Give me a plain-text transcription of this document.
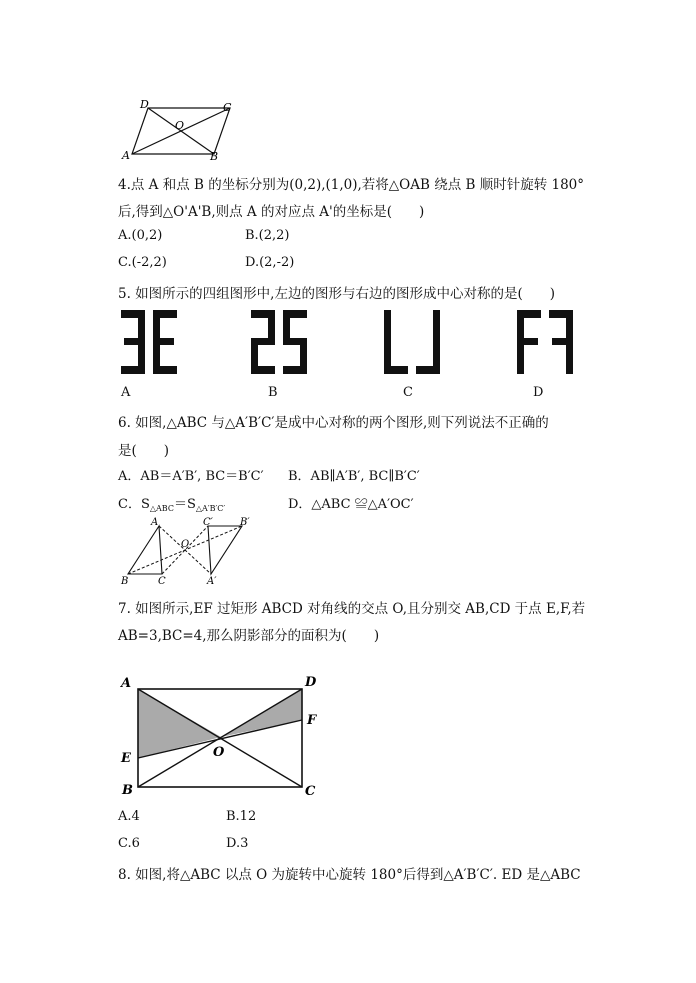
D	C
O
A	B
4.点 A 和点 B 的坐标分别为(0,2),(1,0),若将△OAB 绕点 B 顺时针旋转 180°
后,得到△O'A'B,则点 A 的对应点 A'的坐标是(　　)
A.(0,2)	B.(2,2)
C.(-2,2)	D.(2,-2)
5. 如图所示的四组图形中,左边的图形与右边的图形成中心对称的是(　　)
A	B	C	D
6. 如图,△ABC 与△A′B′C′是成中心对称的两个图形,则下列说法不正确的
是(　　)
A．AB＝A′B′, BC＝B′C′ B．AB∥A′B′, BC∥B′C′
C．$S_{\triangle ABC}=S_{\triangle A'B'C'}$	D．△ABC ≌△A′OC′
A	C′	B′
O
B	C	A′
7. 如图所示,EF 过矩形 ABCD 对角线的交点 O,且分别交 AB,CD 于点 E,F,若
AB=3,BC=4,那么阴影部分的面积为(　　)
A	D
F
E	O
B	C
A.4	B.12
C.6	D.3
8. 如图,将△ABC 以点 O 为旋转中心旋转 180°后得到△A′B′C′. ED 是△ABC
